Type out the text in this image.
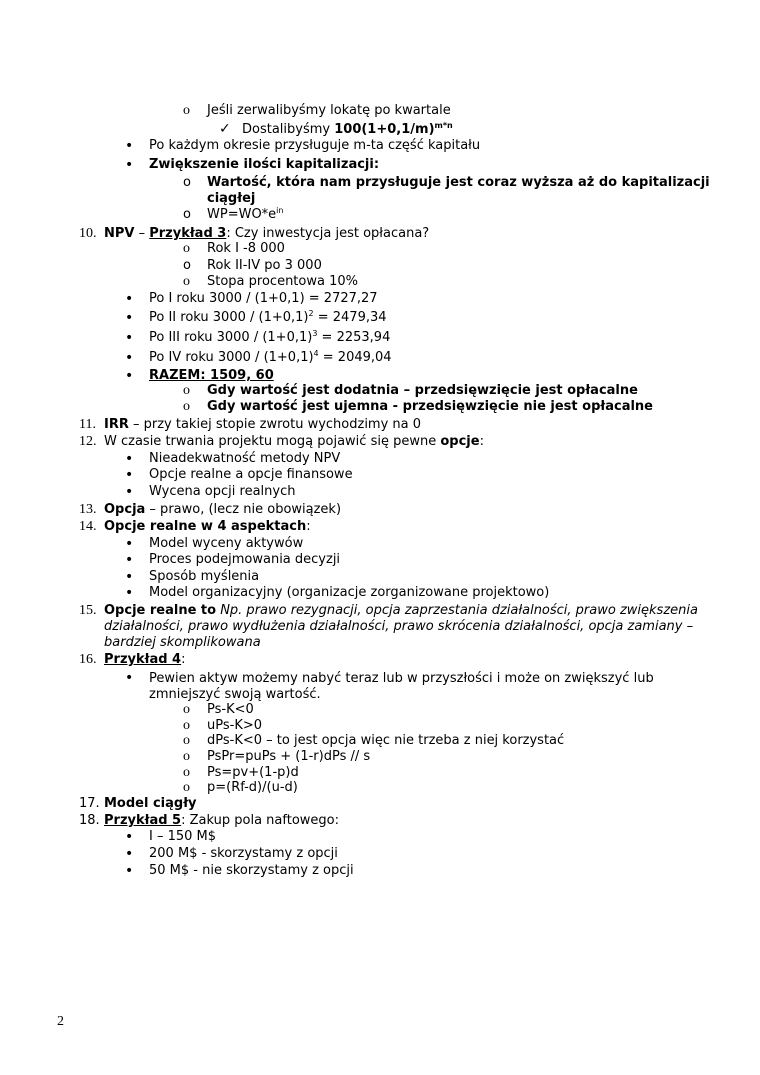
o Jeśli zerwalibyśmy lokatę po kwartale
✓ Dostalibyśmy $100(1+0,1/m)^{m*n}$
• Po każdym okresie przysługuje m-ta część kapitału
• Zwiększenie ilości kapitalizacji:
o Wartość, która nam przysługuje jest coraz wyższa aż do kapitalizacji
ciągłej
o $WP=WO*e^{in}$
10. NPV – Przykład 3: Czy inwestycja jest opłacana?
o Rok I -8 000
o Rok II-IV po 3 000
o Stopa procentowa 10%
• Po I roku 3000 / (1+0,1) = 2727,27
• Po II roku $3000 / (1+0,1)^2 = 2479,34$
• Po III roku $3000 / (1+0,1)^3 = 2253,94$
• Po IV roku $3000 / (1+0,1)^4 = 2049,04$
• RAZEM: 1509, 60
o Gdy wartość jest dodatnia – przedsięwzięcie jest opłacalne
o Gdy wartość jest ujemna - przedsięwzięcie nie jest opłacalne
11. IRR – przy takiej stopie zwrotu wychodzimy na 0
12. W czasie trwania projektu mogą pojawić się pewne opcje:
• Nieadekwatność metody NPV
• Opcje realne a opcje finansowe
• Wycena opcji realnych
13. Opcja – prawo, (lecz nie obowiązek)
14. Opcje realne w 4 aspektach:
• Model wyceny aktywów
• Proces podejmowania decyzji
• Sposób myślenia
• Model organizacyjny (organizacje zorganizowane projektowo)
15. Opcje realne to Np. prawo rezygnacji, opcja zaprzestania działalności, prawo zwiększenia
działalności, prawo wydłużenia działalności, prawo skrócenia działalności, opcja zamiany –
bardziej skomplikowana
16. Przykład 4:
• Pewien aktyw możemy nabyć teraz lub w przyszłości i może on zwiększyć lub
zmniejszyć swoją wartość.
o Ps-K<0
o uPs-K>0
o dPs-K<0 – to jest opcja więc nie trzeba z niej korzystać
o PsPr=puPs + (1-r)dPs // s
o Ps=pv+(1-p)d
o p=(Rf-d)/(u-d)
17. Model ciągły
18. Przykład 5: Zakup pola naftowego:
• I – 150 M$
• 200 M$ - skorzystamy z opcji
• 50 M$ - nie skorzystamy z opcji
2
